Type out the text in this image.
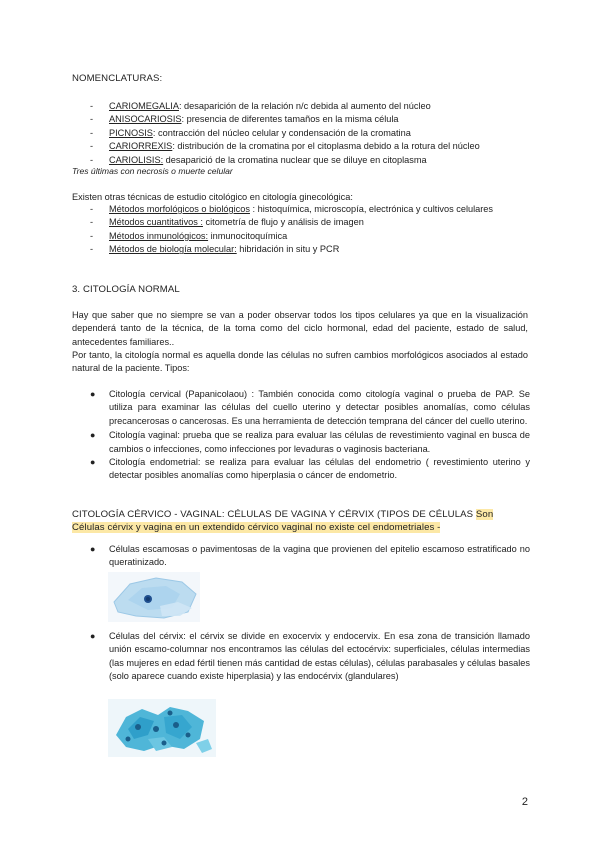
NOMENCLATURAS:
- CARIOMEGALIA: desaparición de la relación n/c debida al aumento del núcleo
- ANISOCARIOSIS: presencia de diferentes tamaños en la misma célula
- PICNOSIS: contracción del núcleo celular y condensación de la cromatina
- CARIORREXIS: distribución de la cromatina por el citoplasma debido a la rotura del núcleo
- CARIOLISIS: desaparició de la cromatina nuclear que se diluye en citoplasma
Tres últimas con necrosis o muerte celular
Existen otras técnicas de estudio citológico en citología ginecológica:
- Métodos morfológicos o biológicos : histoquímica, microscopía, electrónica y cultivos celulares
- Métodos cuantitativos : citometría de flujo y análisis de imagen
- Métodos inmunológicos: inmunocitoquímica
- Métodos de biología molecular: hibridación in situ y PCR
3. CITOLOGÍA NORMAL
Hay que saber que no siempre se van a poder observar todos los tipos celulares ya que en la visualización dependerá tanto de la técnica, de la toma como del ciclo hormonal, edad del paciente, estado de salud, antecedentes familiares..
Por tanto, la citología normal es aquella donde las células no sufren cambios morfológicos asociados al estado natural de la paciente. Tipos:
● Citología cervical (Papanicolaou) : También conocida como citología vaginal o prueba de PAP. Se utiliza para examinar las células del cuello uterino y detectar posibles anomalías, como células precancerosas o cancerosas. Es una herramienta de detección temprana del cáncer del cuello uterino.
● Citología vaginal: prueba que se realiza para evaluar las células de revestimiento vaginal en busca de cambios o infecciones, como infecciones por levaduras o vaginosis bacteriana.
● Citología endometrial: se realiza para evaluar las células del endometrio ( revestimiento uterino y detectar posibles anomalías como hiperplasia o cáncer de endometrio.
CITOLOGÍA CÉRVICO - VAGINAL: CÉLULAS DE VAGINA Y CÉRVIX (TIPOS DE CÉLULAS Son
Células cérvix y vagina en un extendido cérvico vaginal no existe cel endometriales -
● Células escamosas o pavimentosas de la vagina que provienen del epitelio escamoso estratificado no queratinizado.
● Células del cérvix: el cérvix se divide en exocervix y endocervix. En esa zona de transición llamado unión escamo-columnar nos encontramos las células del ectocérvix: superficiales, células intermedias (las mujeres en edad fértil tienen más cantidad de estas células), células parabasales y células basales (solo aparece cuando existe hiperplasia) y las endocérvix (glandulares)
2
